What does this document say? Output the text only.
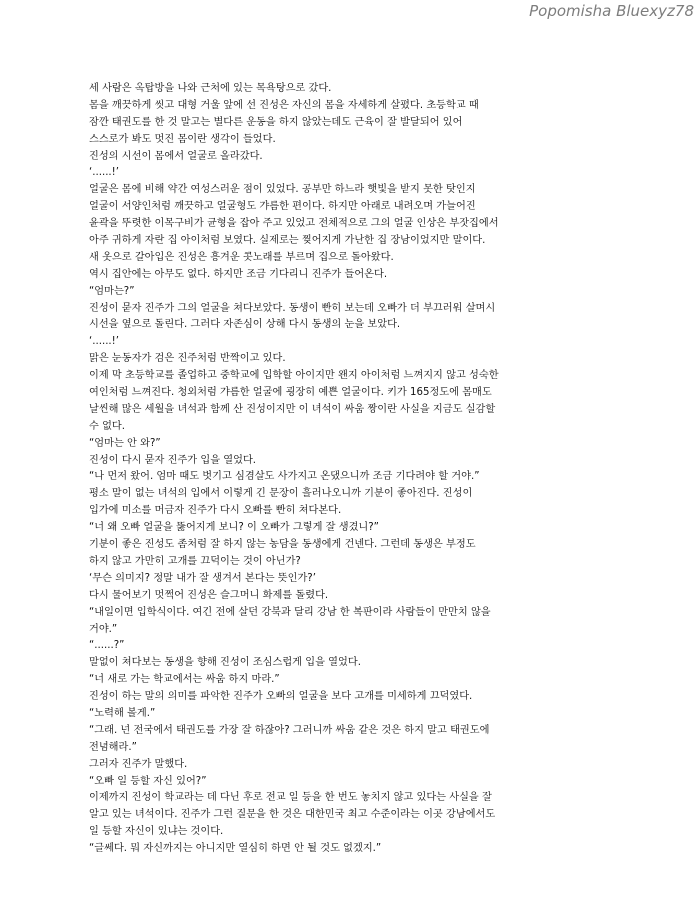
Popomisha Bluexyz78
세 사람은 옥탑방을 나와 근처에 있는 목욕탕으로 갔다.
몸을 깨끗하게 씻고 대형 거울 앞에 선 진성은 자신의 몸을 자세하게 살폈다. 초등학교 때
잠깐 태권도를 한 것 말고는 별다른 운동을 하지 않았는데도 근육이 잘 발달되어 있어
스스로가 봐도 멋진 몸이란 생각이 들었다.
진성의 시선이 몸에서 얼굴로 올라갔다.
‘......!’
얼굴은 몸에 비해 약간 여성스러운 점이 있었다. 공부만 하느라 햇빛을 받지 못한 탓인지
얼굴이 서양인처럼 깨끗하고 얼굴형도 갸름한 편이다. 하지만 아래로 내려오며 가늘어진
윤곽을 뚜렷한 이목구비가 균형을 잡아 주고 있었고 전체적으로 그의 얼굴 인상은 부잣집에서
아주 귀하게 자란 집 아이처럼 보였다. 실제로는 찢어지게 가난한 집 장남이었지만 말이다.
새 옷으로 갈아입은 진성은 흥겨운 콧노래를 부르며 집으로 돌아왔다.
역시 집안에는 아무도 없다. 하지만 조금 기다리니 진주가 들어온다.
“엄마는?”
진성이 묻자 진주가 그의 얼굴을 쳐다보았다. 동생이 빤히 보는데 오빠가 더 부끄러워 살며시
시선을 옆으로 돌린다. 그러다 자존심이 상해 다시 동생의 눈을 보았다.
‘......!’
맑은 눈동자가 검은 진주처럼 반짝이고 있다.
이제 막 초등학교를 졸업하고 중학교에 입학할 아이지만 왠지 아이처럼 느껴지지 않고 성숙한
여인처럼 느껴진다. 청외처럼 갸름한 얼굴에 굉장히 예쁜 얼굴이다. 키가 165정도에 몸매도
날씬해 많은 세월을 녀석과 함께 산 진성이지만 이 녀석이 싸움 짱이란 사실을 지금도 실감할
수 없다.
“엄마는 안 와?”
진성이 다시 묻자 진주가 입을 열었다.
“나 먼저 왔어. 엄마 때도 벗기고 심겸살도 사가지고 온댔으니까 조금 기다려야 할 거야.”
평소 말이 없는 녀석의 입에서 이렇게 긴 문장이 흘러나오니까 기분이 좋아진다. 진성이
입가에 미소를 머금자 진주가 다시 오빠를 빤히 쳐다본다.
“너 왜 오빠 얼굴을 뚫어지게 보니? 이 오빠가 그렇게 잘 생겼니?”
기분이 좋은 진성도 좀처럼 잘 하지 않는 농담을 동생에게 건넨다. 그런데 동생은 부정도
하지 않고 가만히 고개를 끄덕이는 것이 아닌가?
‘무슨 의미지? 정말 내가 잘 생겨서 본다는 뜻인가?’
다시 물어보기 멋쩍어 진성은 슬그머니 화제를 돌렸다.
“내일이면 입학식이다. 여긴 전에 살던 강북과 달리 강남 한 복판이라 사람들이 만만치 않을
거야.”
“......?”
말없이 쳐다보는 동생을 향해 진성이 조심스럽게 입을 열었다.
“너 새로 가는 학교에서는 싸움 하지 마라.”
진성이 하는 말의 의미를 파악한 진주가 오빠의 얼굴을 보다 고개를 미세하게 끄덕였다.
“노력해 볼게.”
“그래. 넌 전국에서 태권도를 가장 잘 하잖아? 그러니까 싸움 같은 것은 하지 말고 태권도에
전념해라.”
그러자 진주가 말했다.
“오빠 일 등할 자신 있어?”
이제까지 진성이 학교라는 데 다닌 후로 전교 일 등을 한 번도 놓치지 않고 있다는 사실을 잘
알고 있는 녀석이다. 진주가 그런 질문을 한 것은 대한민국 최고 수준이라는 이곳 강남에서도
일 등할 자신이 있냐는 것이다.
“글쎄다. 뭐 자신까지는 아니지만 열심히 하면 안 될 것도 없겠지.”
